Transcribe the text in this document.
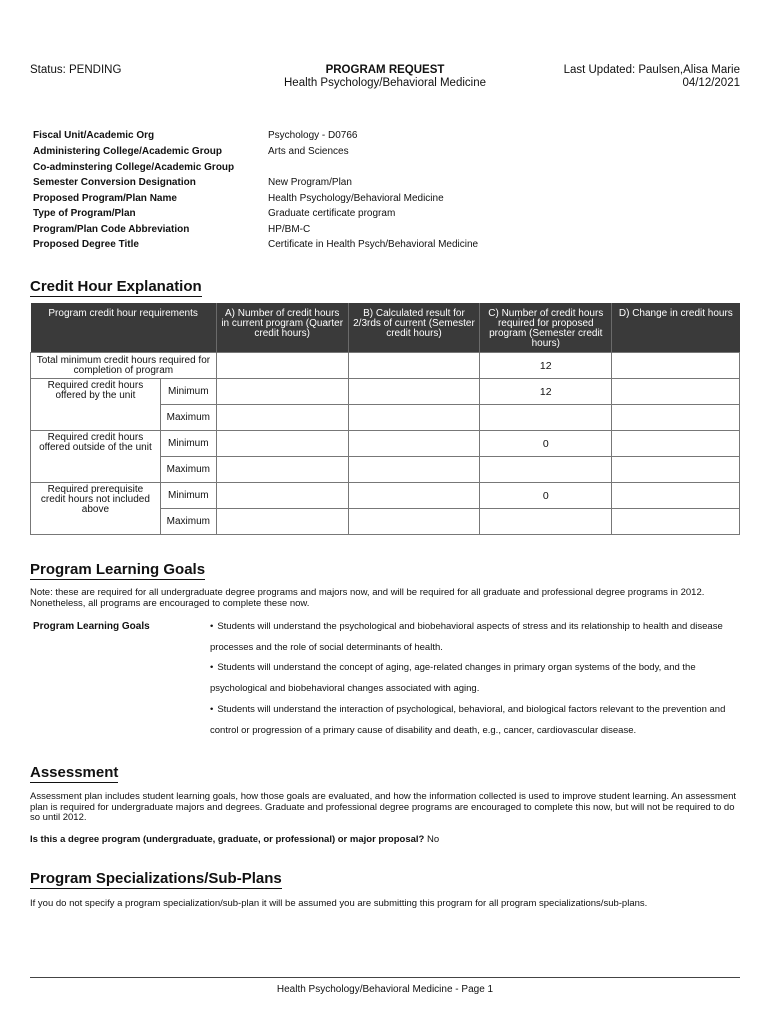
Status: PENDING	PROGRAM REQUEST
Health Psychology/Behavioral Medicine
Last Updated: Paulsen,Alisa Marie
04/12/2021
Fiscal Unit/Academic Org	Psychology - D0766
Administering College/Academic Group	Arts and Sciences
Co-adminstering College/Academic Group
Semester Conversion Designation	New Program/Plan
Proposed Program/Plan Name	Health Psychology/Behavioral Medicine
Type of Program/Plan	Graduate certificate program
Program/Plan Code Abbreviation	HP/BM-C
Proposed Degree Title	Certificate in Health Psych/Behavioral Medicine
Credit Hour Explanation
Program credit hour requirements		A) Number of credit hours in current program (Quarter credit hours)	B) Calculated result for 2/3rds of current (Semester credit hours)	C) Number of credit hours required for proposed program (Semester credit hours)	D) Change in credit hours
Total minimum credit hours required for completion of program				12	
Required credit hours offered by the unit	Minimum			12	
	Maximum				
Required credit hours offered outside of the unit	Minimum			0	
	Maximum				
Required prerequisite credit hours not included above	Minimum			0	
	Maximum				
Program Learning Goals
Note: these are required for all undergraduate degree programs and majors now, and will be required for all graduate and professional degree programs in 2012. Nonetheless, all programs are encouraged to complete these now.
Program Learning Goals	• Students will understand the psychological and biobehavioral aspects of stress and its relationship to health and disease processes and the role of social determinants of health.
• Students will understand the concept of aging, age-related changes in primary organ systems of the body, and the psychological and biobehavioral changes associated with aging.
• Students will understand the interaction of psychological, behavioral, and biological factors relevant to the prevention and control or progression of a primary cause of disability and death, e.g., cancer, cardiovascular disease.
Assessment
Assessment plan includes student learning goals, how those goals are evaluated, and how the information collected is used to improve student learning. An assessment plan is required for undergraduate majors and degrees. Graduate and professional degree programs are encouraged to complete this now, but will not be required to do so until 2012.
Is this a degree program (undergraduate, graduate, or professional) or major proposal? No
Program Specializations/Sub-Plans
If you do not specify a program specialization/sub-plan it will be assumed you are submitting this program for all program specializations/sub-plans.
Health Psychology/Behavioral Medicine - Page 1
